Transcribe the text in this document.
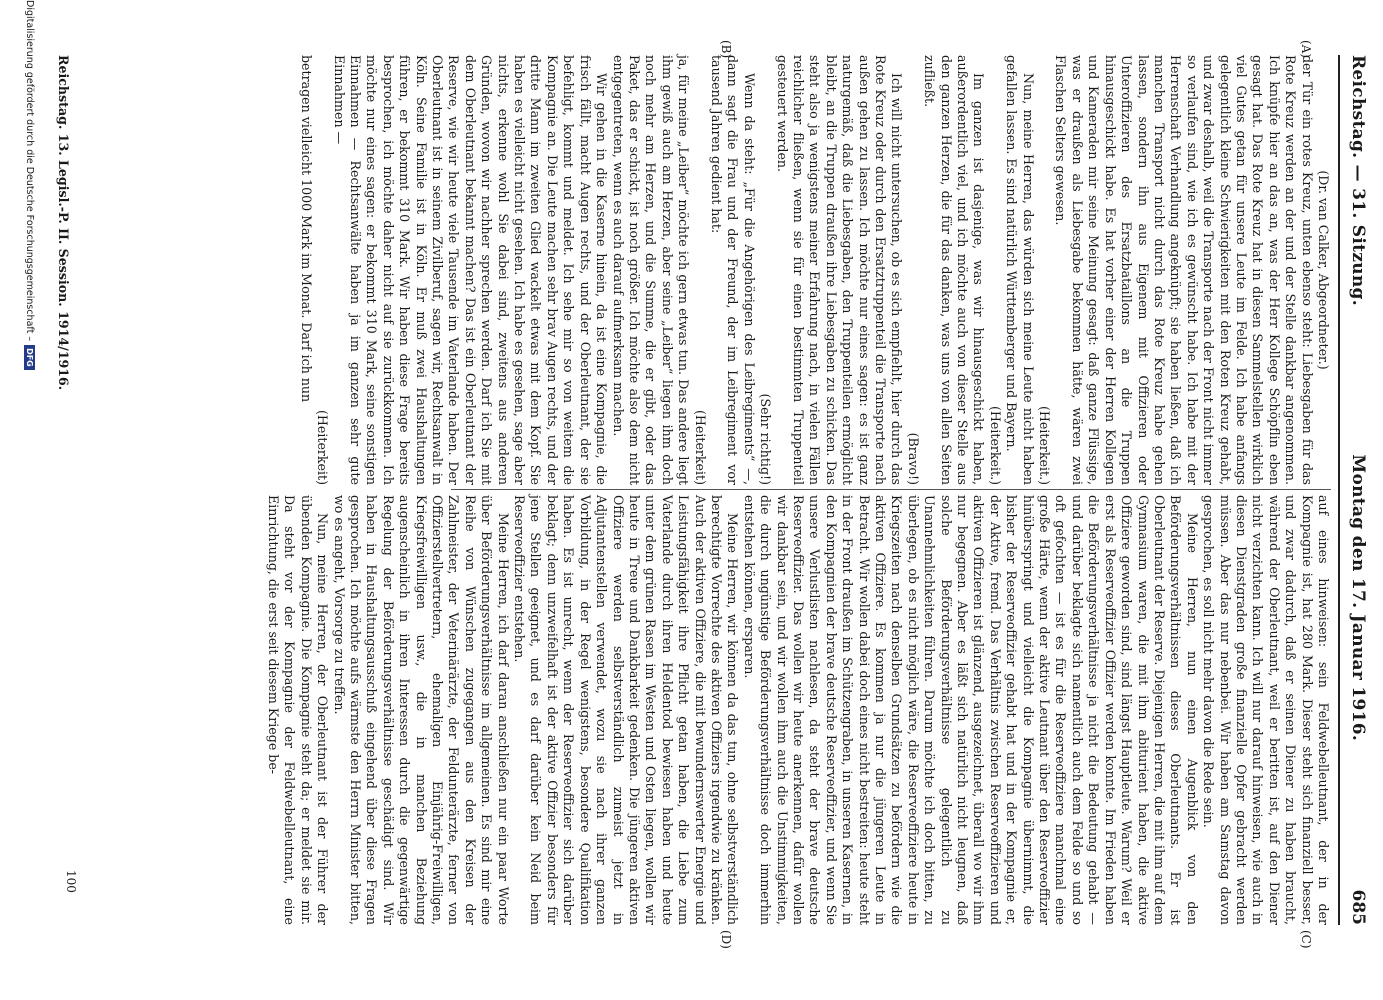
Reichstag. — 31. Sitzung.
Montag den 17. Januar 1916.
685
(A)
(B)
(C)
(D)

(Dr. van Calker, Abgeordneter.)

der Tür ein rotes Kreuz, unten ebenso steht: Liebesgaben für das Rote Kreuz werden an der und der Stelle dankbar angenommen. Ich knüpfe hier an das an, was der Herr Kollege Schöpflin eben gesagt hat. Das Rote Kreuz hat in diesen Sammelstellen wirklich viel Gutes getan für unsere Leute im Felde. Ich habe anfangs gelegentlich kleine Schwierigkeiten mit den Roten Kreuz gehabt, und zwar deshalb, weil die Transporte nach der Front nicht immer so verlaufen sind, wie ich es gewünscht habe. Ich habe mit der Herrenschaft Verhandlung angeknüpft; sie haben ließen, daß ich manchen Transport nicht durch das Rote Kreuz habe gehen lassen, sondern ihn aus Eigenem mit Offizieren oder Unteroffizieren des Ersatzbataillons an die Truppen hinausgeschickt habe. Es hat vorher einer der Herren Kollegen und Kameraden mir seine Meinung gesagt: daß ganze Flüssige, was er draußen als Liebesgabe bekommen hätte, wären zwei Flaschen Selters gewesen.

(Heiterkeit.)

Nun, meine Herren, das würden sich meine Leute nicht haben gefallen lassen. Es sind natürlich Württemberger und Bayern.

(Heiterkeit.)

Im ganzen ist dasjenige, was wir hinausgeschickt haben, außerordentlich viel, und ich möchte auch von dieser Stelle aus den ganzen Herzen, die für das danken, was uns von allen Seiten zufließt.

(Bravo!)

Ich will nicht untersuchen, ob es sich empfiehlt, hier durch das Rote Kreuz oder durch den Ersatztruppenteil die Transporte nach außen gehen zu lassen. Ich möchte nur eines sagen: es ist ganz naturgemäß, daß die Liebesgaben, den Truppenteilen ermöglicht bleibt, an die Truppen draußen ihre Liebesgaben zu schicken. Das steht also ja wenigstens meiner Erfahrung nach, in vielen Fällen reichlicher fließen, wenn sie für einen bestimmten Truppenteil gesteuert werden.

(Sehr richtig!)

Wenn da steht: „Für die Angehörigen des Leibregiments“ —, dann sagt die Frau und der Freund, der im Leibregiment vor tausend Jahren gedient hat:

(Heiterkeit)

ja, für meine „Leiber“ möchte ich gern etwas tun. Das andere liegt ihm gewiß auch am Herzen, aber seine „Leiber“ liegen ihm doch noch mehr am Herzen, und die Summe, die er gibt, oder das Paket, das er schickt, ist noch größer. Ich möchte also dem nicht entgegentreten, wenn es auch darauf aufmerksam machen.

Wir gehen in die Kaserne hinein, da ist eine Kompagnie, die frisch fällt, macht Augen rechts, und der Oberleutnant, der sie befehligt, kommt und meldet. Ich sehe mir so von weitem die Kompagnie an. Die Leute machen sehr brav Augen rechts, und der dritte Mann im zweiten Glied wackelt etwas mit dem Kopf. Sie haben es vielleicht nicht gesehen. Ich habe es gesehen, sage aber nichts, erkenne wohl Sie dabei sind, zweitens aus anderen Gründen, wovon wir nachher sprechen werden. Darf ich Sie mit dem Oberleutnant bekannt machen? Das ist ein Oberleutnant der Reserve, wie wir heute viele Tausende im Vaterlande haben. Der Oberleutnant ist in seinem Zivilberuf, sagen wir, Rechtsanwalt in Köln. Seine Familie ist in Köln. Er muß zwei Haushaltungen führen, er bekommt 310 Mark. Wir haben diese Frage bereits besprochen, ich möchte daher nicht auf sie zurückkommen. Ich möchte nur eines sagen: er bekommt 310 Mark, seine sonstigen Einnahmen — Rechtsanwälte haben ja im ganzen sehr gute Einnahmen —

(Heiterkeit)

betragen vielleicht 1000 Mark im Monat. Darf ich nun

auf eines hinweisen: sein Feldwebelleutnant, der in der Kompagnie ist, hat 280 Mark. Dieser steht sich finanziell besser, und zwar dadurch, daß er seinen Diener zu haben braucht, während der Oberleutnant, weil er beritten ist, auf den Diener nicht verzichten kann. Ich will nur darauf hinweisen, wie auch in diesen Dienstgraden große finanzielle Opfer gebracht werden müssen. Aber das nur nebenbei. Wir haben am Samstag davon gesprochen, es soll nicht mehr davon die Rede sein.

Meine Herren, nun einen Augenblick von den Beförderungsverhältnissen dieses Oberleutnants. Er ist Oberleutnant der Reserve. Diejenigen Herren, die mit ihm auf dem Gymnasium waren, die mit ihm abiturient haben, die aktive Offiziere geworden sind, sind längst Hauptleute. Warum? Weil er erst als Reserveoffizier Offizier werden konnte. Im Frieden haben die Beförderungsverhältnisse ja nicht die Bedeutung gehabt — und darüber beklagte sich namentlich auch dem Felde so und so oft gefochten — ist es für die Reserveoffiziere manchmal eine große Härte, wenn der aktive Leutnant über den Reserveoffizier hinüberspringt und vielleicht die Kompagnie übernimmt, die bisher der Reserveoffizier gehabt hat und in der Kompagnie er, der Aktive, fremd. Das Verhältnis zwischen Reserveoffizieren und aktiven Offizieren ist glänzend, ausgezeichnet, überall wo wir ihm nur begegnen. Aber es läßt sich natürlich nicht leugnen, daß solche Beförderungsverhältnisse gelegentlich zu Unannehmlichkeiten führen. Darum möchte ich doch bitten, zu überlegen, ob es nicht möglich wäre, die Reserveoffiziere heute in Kriegszeiten nach denselben Grundsätzen zu befördern wie die aktiven Offiziere. Es kommen ja nur die jüngeren Leute in Betracht. Wir wollen dabei doch eines nicht bestreiten: heute steht in der Front draußen im Schützengraben, in unseren Kasernen, in den Kompagnien der brave deutsche Reserveoffizier, und wenn Sie unsere Verlustlisten nachlesen, da steht der brave deutsche Reserveoffizier. Das wollen wir heute anerkennen, dafür wollen wir dankbar sein, und wir wollen ihm auch die Unstimmigkeiten, die durch ungünstige Beförderungsverhältnisse doch immerhin entstehen können, ersparen.

Meine Herren, wir können da das tun, ohne selbstverständlich berechtigte Vorrechte des aktiven Offiziers irgendwie zu kränken. Auch der aktiven Offiziere, die mit bewundernswerter Energie und Leistungsfähigkeit ihre Pflicht getan haben, die Liebe zum Vaterlande durch ihren Heldentod bewiesen haben und heute unter dem grünen Rasen im Westen und Osten liegen, wollen wir heute in Treue und Dankbarkeit gedenken. Die jüngeren aktiven Offiziere werden selbstverständlich zumeist jetzt in Adjutantenstellen verwendet, wozu sie nach ihrer ganzen Vorbildung, in der Regel wenigstens, besondere Qualifikation haben. Es ist unrecht, wenn der Reserveoffizier sich darüber beklagt; denn unzweifelhaft ist der aktive Offizier besonders für jene Stellen geeignet, und es darf darüber kein Neid beim Reserveoffizier entstehen.

Meine Herren, ich darf daran anschließen nur ein paar Worte über Beförderungsverhältnisse im allgemeinen. Es sind mir eine Reihe von Wünschen zugegangen aus den Kreisen der Zahlmeister, der Veterinärärzte, der Feldunterärzte, ferner von Offizierstellvertretern, ehemaligen Einjährig-Freiwilligen, Kriegsfreiwilligen usw., die in manchen Beziehung augenscheinlich in ihren Interessen durch die gegenwärtige Regelung der Beförderungsverhältnisse geschädigt sind. Wir haben in Haushaltungsausschuß eingehend über diese Fragen gesprochen. Ich möchte aufs wärmste den Herrn Minister bitten, wo es angeht, Vorsorge zu treffen.

Nun, meine Herren, der Oberleutnant ist der Führer der übenden Kompagnie. Die Kompagnie steht da; er meldet sie mir. Da steht vor der Kompagnie der Feldwebelleutnant, eine Einrichtung, die erst seit diesem Kriege be-

Reichstag. 13. Legisl.-P. II. Session. 1914/1916.
100
Digitalisierung gefördert durch die Deutsche Forschungsgemeinschaft –
DFG
